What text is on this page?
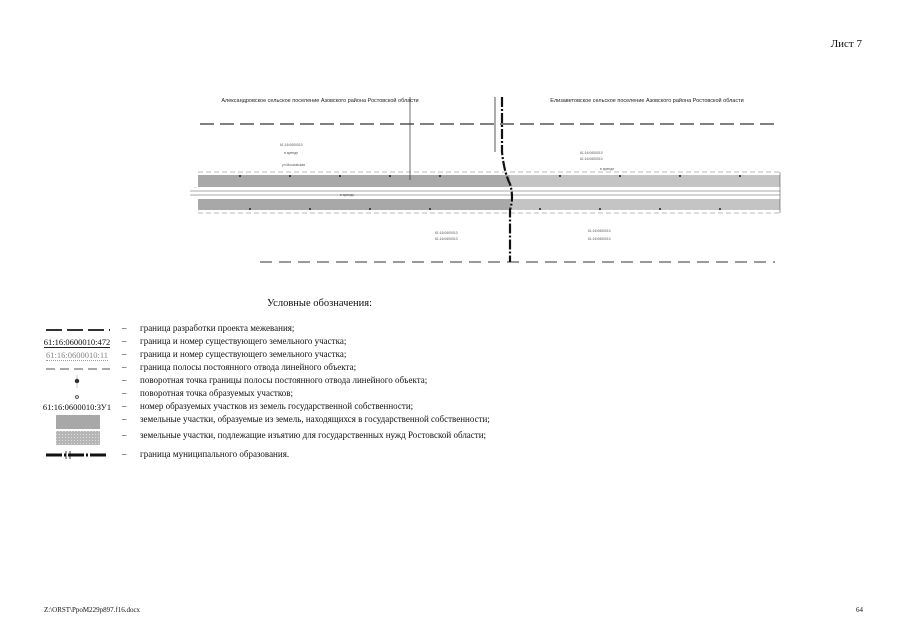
Лист 7
Александровское сельское поселение Азовского района Ростовской области	Елизаветовское сельское поселение Азовского района Ростовской области
61:16:0600010
в аренде
ул.Московская
61:16:0600010
61:16:0600010
в аренде
в аренде
61:16:0600010
61:16:0600010
61:16:0600010
61:16:0600010
←
Условные обозначения:
– граница разработки проекта межевания;
61:16:0600010:472	– граница и номер существующего земельного участка;
61:16:0600010:11	– граница и номер существующего земельного участка;
– граница полосы постоянного отвода линейного объекта;
– поворотная точка границы полосы постоянного отвода линейного объекта;
– поворотная точка образуемых участков;
61:16:0600010:ЗУ1	– номер образуемых участков из земель государственной собственности;
– земельные участки, образуемые из земель, находящихся в государственной собственности;
– земельные участки, подлежащие изъятию для государственных нужд Ростовской области;
– граница муниципального образования.
Z:\ORST\PpoM229p897.f16.docx	64
